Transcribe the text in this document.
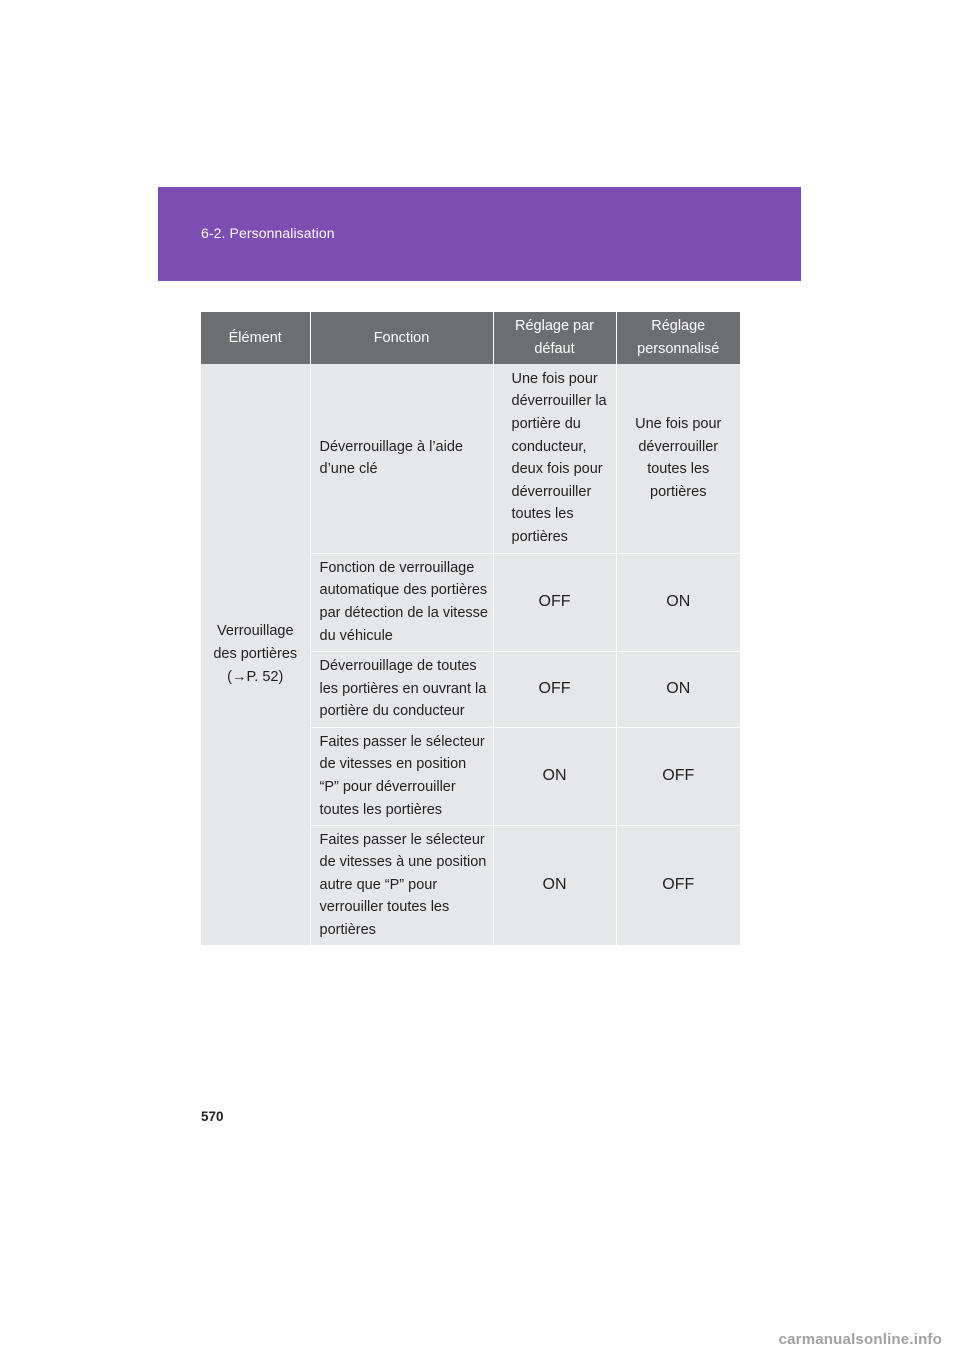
6-2. Personnalisation
Élément	Fonction	Réglage par défaut	Réglage personnalisé

Verrouillage des portières (→P. 52)	Déverrouillage à l’aide d’une clé	Une fois pour déverrouiller la portière du conducteur, deux fois pour déverrouiller toutes les portières	Une fois pour déverrouiller toutes les portières

	Fonction de verrouillage automatique des portières par détection de la vitesse du véhicule	OFF	ON
	Déverrouillage de toutes les portières en ouvrant la portière du conducteur	OFF	ON
	Faites passer le sélecteur de vitesses en position “P” pour déverrouiller toutes les portières	ON	OFF
	Faites passer le sélecteur de vitesses à une position autre que “P” pour verrouiller toutes les portières	ON	OFF
570
carmanualsonline.info
